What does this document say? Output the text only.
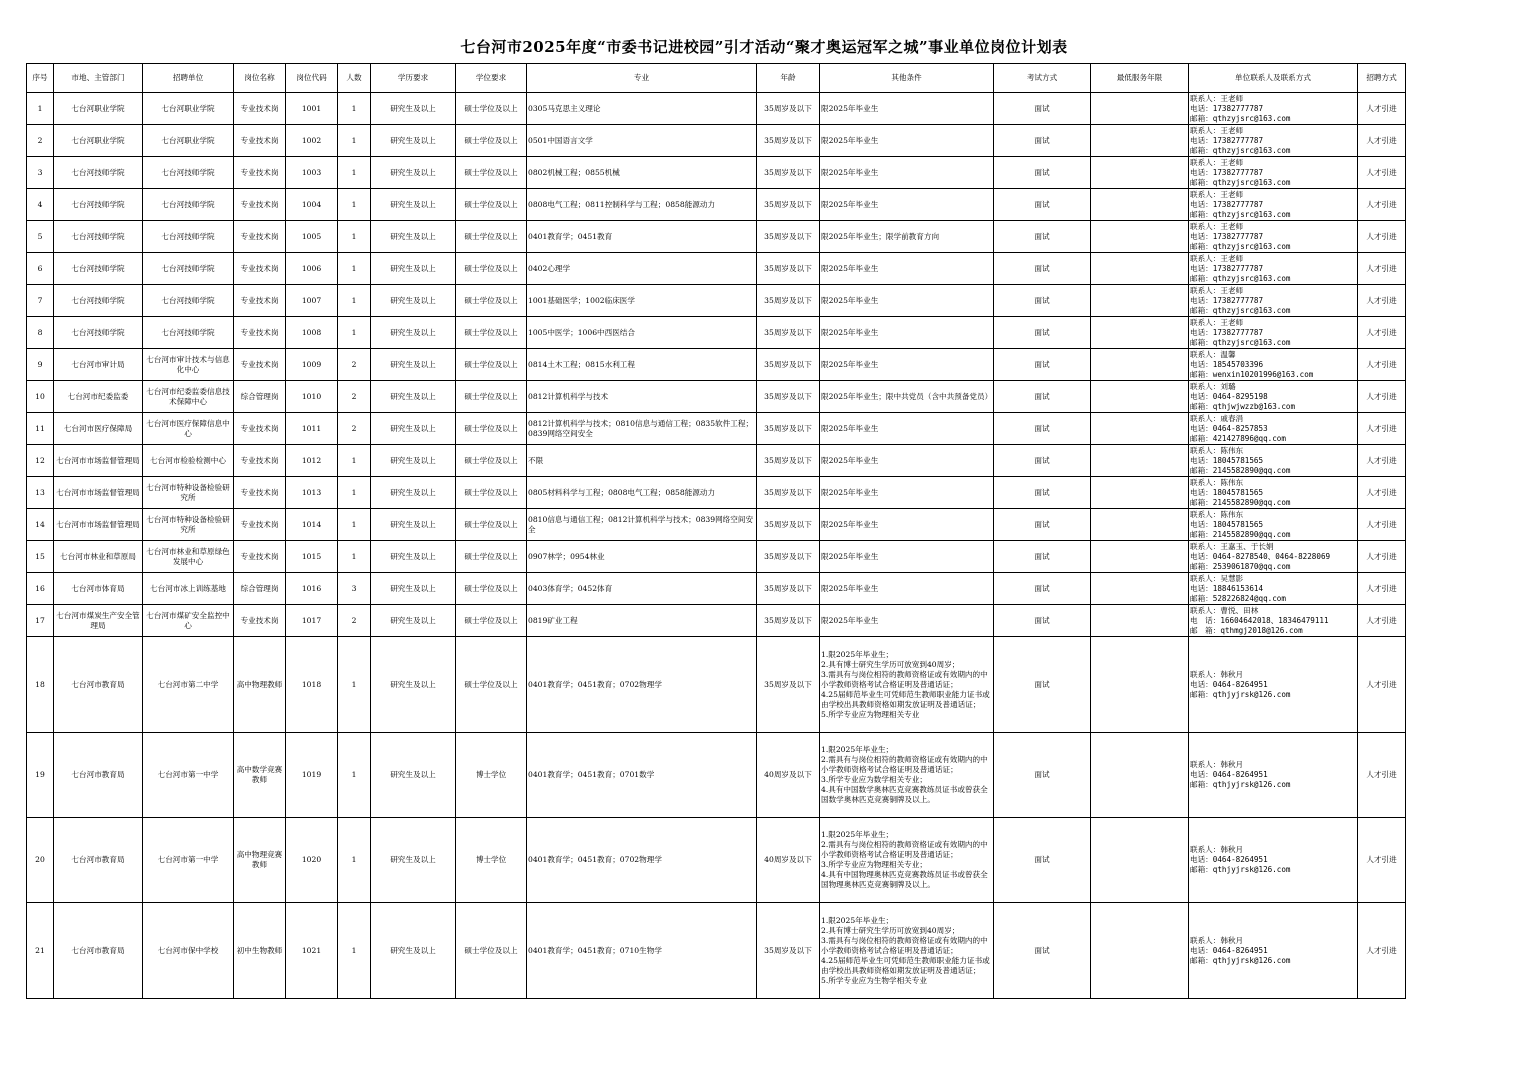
七台河市2025年度“市委书记进校园”引才活动“聚才奥运冠军之城”事业单位岗位计划表
序号	市地、主管部门	招聘单位	岗位名称	岗位代码	人数	学历要求	学位要求	专业	年龄	其他条件	考试方式	最低服务年限	单位联系人及联系方式	招聘方式
1	七台河职业学院	七台河职业学院	专业技术岗	1001	1	研究生及以上	硕士学位及以上	0305马克思主义理论	35周岁及以下	限2025年毕业生	面试		联系人：王老师
电话：17382777787
邮箱：qthzyjsrc@163.com	人才引进
2	七台河职业学院	七台河职业学院	专业技术岗	1002	1	研究生及以上	硕士学位及以上	0501中国语言文学	35周岁及以下	限2025年毕业生	面试		联系人：王老师
电话：17382777787
邮箱：qthzyjsrc@163.com	人才引进
3	七台河技师学院	七台河技师学院	专业技术岗	1003	1	研究生及以上	硕士学位及以上	0802机械工程；0855机械	35周岁及以下	限2025年毕业生	面试		联系人：王老师
电话：17382777787
邮箱：qthzyjsrc@163.com	人才引进
4	七台河技师学院	七台河技师学院	专业技术岗	1004	1	研究生及以上	硕士学位及以上	0808电气工程；0811控制科学与工程；0858能源动力	35周岁及以下	限2025年毕业生	面试		联系人：王老师
电话：17382777787
邮箱：qthzyjsrc@163.com	人才引进
5	七台河技师学院	七台河技师学院	专业技术岗	1005	1	研究生及以上	硕士学位及以上	0401教育学；0451教育	35周岁及以下	限2025年毕业生；限学前教育方向	面试		联系人：王老师
电话：17382777787
邮箱：qthzyjsrc@163.com	人才引进
6	七台河技师学院	七台河技师学院	专业技术岗	1006	1	研究生及以上	硕士学位及以上	0402心理学	35周岁及以下	限2025年毕业生	面试		联系人：王老师
电话：17382777787
邮箱：qthzyjsrc@163.com	人才引进
7	七台河技师学院	七台河技师学院	专业技术岗	1007	1	研究生及以上	硕士学位及以上	1001基础医学；1002临床医学	35周岁及以下	限2025年毕业生	面试		联系人：王老师
电话：17382777787
邮箱：qthzyjsrc@163.com	人才引进
8	七台河技师学院	七台河技师学院	专业技术岗	1008	1	研究生及以上	硕士学位及以上	1005中医学；1006中西医结合	35周岁及以下	限2025年毕业生	面试		联系人：王老师
电话：17382777787
邮箱：qthzyjsrc@163.com	人才引进
9	七台河市审计局	七台河市审计技术与信息化中心	专业技术岗	1009	2	研究生及以上	硕士学位及以上	0814土木工程；0815水利工程	35周岁及以下	限2025年毕业生	面试		联系人：温馨
电话：18545703396
邮箱：wenxin10201996@163.com	人才引进
10	七台河市纪委监委	七台河市纪委监委信息技术保障中心	综合管理岗	1010	2	研究生及以上	硕士学位及以上	0812计算机科学与技术	35周岁及以下	限2025年毕业生；限中共党员（含中共预备党员）	面试		联系人：刘璐
电话：0464-8295198
邮箱：qthjwjwzzb@163.com	人才引进
11	七台河市医疗保障局	七台河市医疗保障信息中心	专业技术岗	1011	2	研究生及以上	硕士学位及以上	0812计算机科学与技术；0810信息与通信工程；0835软件工程；0839网络空间安全	35周岁及以下	限2025年毕业生	面试		联系人：戚春涓
电话：0464-8257853
邮箱：421427896@qq.com	人才引进
12	七台河市市场监督管理局	七台河市检验检测中心	专业技术岗	1012	1	研究生及以上	硕士学位及以上	不限	35周岁及以下	限2025年毕业生	面试		联系人：陈伟东
电话：18045781565
邮箱：2145582890@qq.com	人才引进
13	七台河市市场监督管理局	七台河市特种设备检验研究所	专业技术岗	1013	1	研究生及以上	硕士学位及以上	0805材料科学与工程；0808电气工程；0858能源动力	35周岁及以下	限2025年毕业生	面试		联系人：陈伟东
电话：18045781565
邮箱：2145582890@qq.com	人才引进
14	七台河市市场监督管理局	七台河市特种设备检验研究所	专业技术岗	1014	1	研究生及以上	硕士学位及以上	0810信息与通信工程；0812计算机科学与技术；0839网络空间安全	35周岁及以下	限2025年毕业生	面试		联系人：陈伟东
电话：18045781565
邮箱：2145582890@qq.com	人才引进
15	七台河市林业和草原局	七台河市林业和草原绿色发展中心	专业技术岗	1015	1	研究生及以上	硕士学位及以上	0907林学；0954林业	35周岁及以下	限2025年毕业生	面试		联系人：王嘉玉、于长娟
电话：0464-8278540、0464-8228069
邮箱：2539061870@qq.com	人才引进
16	七台河市体育局	七台河市冰上训练基地	综合管理岗	1016	3	研究生及以上	硕士学位及以上	0403体育学；0452体育	35周岁及以下	限2025年毕业生	面试		联系人：吴慧影
电话：18846153614
邮箱：528226824@qq.com	人才引进
17	七台河市煤炭生产安全管理局	七台河市煤矿安全监控中心	专业技术岗	1017	2	研究生及以上	硕士学位及以上	0819矿业工程	35周岁及以下	限2025年毕业生	面试		联系人：曹悦、田林
电　话：16604642018、18346479111
邮　箱：qthmgj2018@126.com	人才引进
18	七台河市教育局	七台河市第二中学	高中物理教师	1018	1	研究生及以上	硕士学位及以上	0401教育学；0451教育；0702物理学	35周岁及以下	1.限2025年毕业生；
2.具有博士研究生学历可放宽到40周岁；
3.需具有与岗位相符的教师资格证或有效期内的中小学教师资格考试合格证明及普通话证；
4.25届师范毕业生可凭师范生教师职业能力证书或由学校出具教师资格如期发放证明及普通话证；
5.所学专业应为物理相关专业	面试		联系人：韩秋月
电话：0464-8264951
邮箱：qthjyjrsk@126.com	人才引进
19	七台河市教育局	七台河市第一中学	高中数学竞赛教师	1019	1	研究生及以上	博士学位	0401教育学；0451教育；0701数学	40周岁及以下	1.限2025年毕业生；
2.需具有与岗位相符的教师资格证或有效期内的中小学教师资格考试合格证明及普通话证；
3.所学专业应为数学相关专业；
4.具有中国数学奥林匹克竞赛教练员证书或曾获全国数学奥林匹克竞赛铜牌及以上。	面试		联系人：韩秋月
电话：0464-8264951
邮箱：qthjyjrsk@126.com	人才引进
20	七台河市教育局	七台河市第一中学	高中物理竞赛教师	1020	1	研究生及以上	博士学位	0401教育学；0451教育；0702物理学	40周岁及以下	1.限2025年毕业生；
2.需具有与岗位相符的教师资格证或有效期内的中小学教师资格考试合格证明及普通话证；
3.所学专业应为物理相关专业；
4.具有中国物理奥林匹克竞赛教练员证书或曾获全国物理奥林匹克竞赛铜牌及以上。	面试		联系人：韩秋月
电话：0464-8264951
邮箱：qthjyjrsk@126.com	人才引进
21	七台河市教育局	七台河市保中学校	初中生物教师	1021	1	研究生及以上	硕士学位及以上	0401教育学；0451教育；0710生物学	35周岁及以下	1.限2025年毕业生；
2.具有博士研究生学历可放宽到40周岁；
3.需具有与岗位相符的教师资格证或有效期内的中小学教师资格考试合格证明及普通话证；
4.25届师范毕业生可凭师范生教师职业能力证书或由学校出具教师资格如期发放证明及普通话证；
5.所学专业应为生物学相关专业	面试		联系人：韩秋月
电话：0464-8264951
邮箱：qthjyjrsk@126.com	人才引进
